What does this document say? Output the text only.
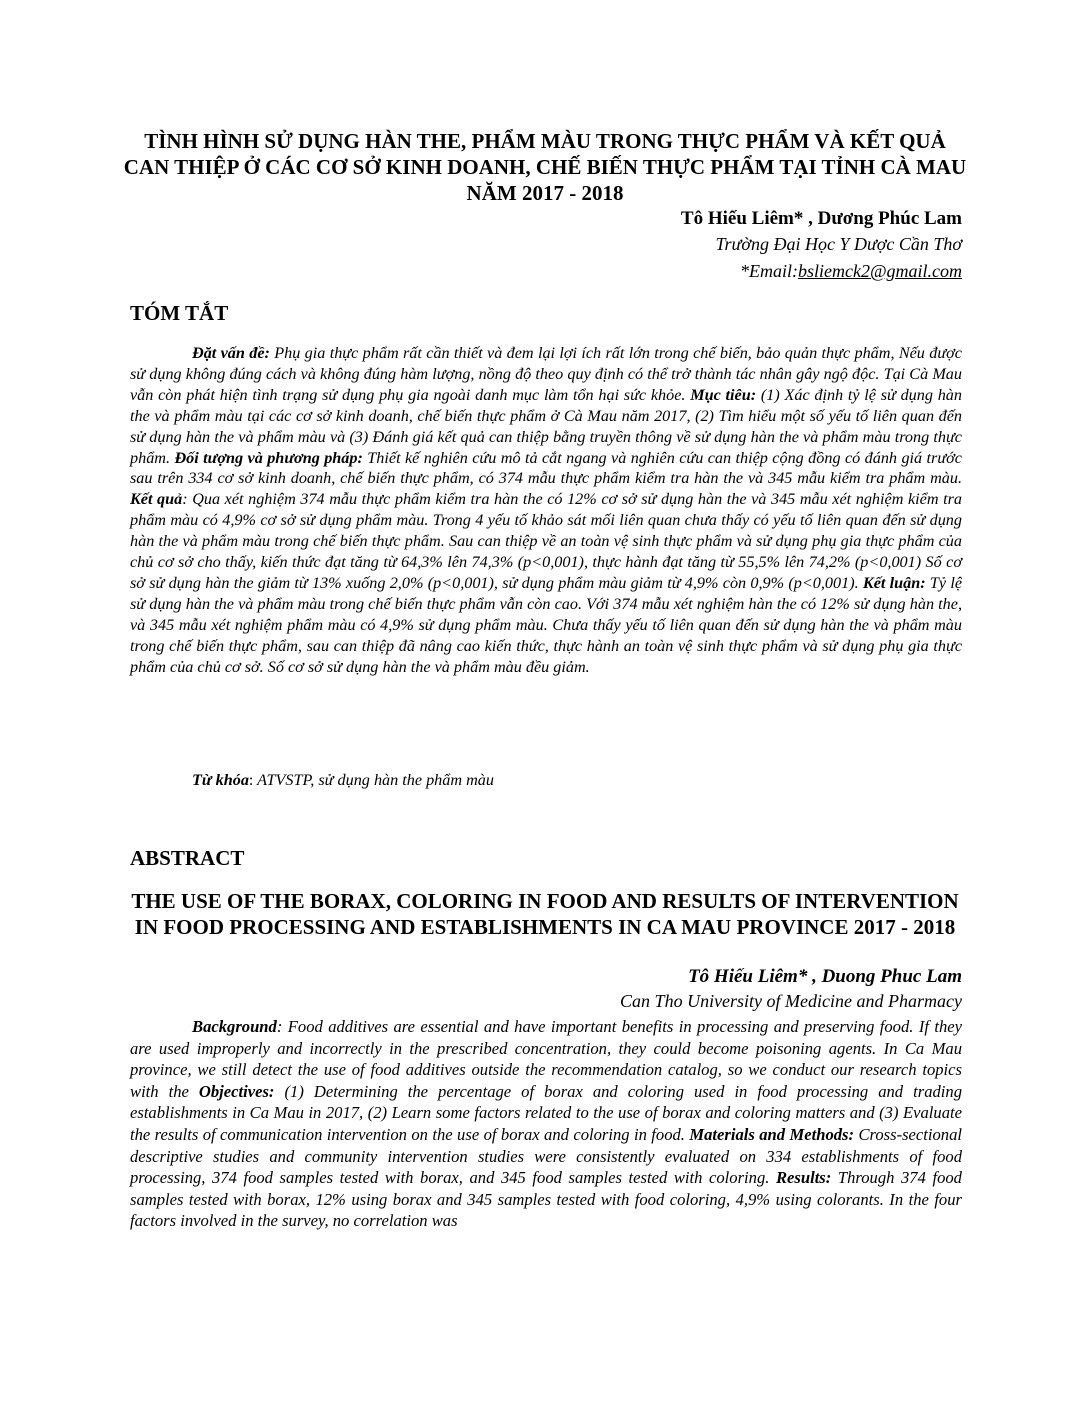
TÌNH HÌNH SỬ DỤNG HÀN THE, PHẨM MÀU TRONG THỰC PHẨM VÀ KẾT QUẢ CAN THIỆP Ở CÁC CƠ SỞ KINH DOANH, CHẾ BIẾN THỰC PHẨM TẠI TỈNH CÀ MAU NĂM 2017 - 2018

Tô Hiếu Liêm* , Dương Phúc Lam

Trường Đại Học Y Dược Cần Thơ

*Email:bsliemck2@gmail.com

TÓM TẮT

Đặt vấn đề: Phụ gia thực phẩm rất cần thiết và đem lại lợi ích rất lớn trong chế biến, bảo quản thực phẩm, Nếu được sử dụng không đúng cách và không đúng hàm lượng, nồng độ theo quy định có thể trở thành tác nhân gây ngộ độc. Tại Cà Mau vẫn còn phát hiện tình trạng sử dụng phụ gia ngoài danh mục làm tổn hại sức khỏe. Mục tiêu: (1) Xác định tỷ lệ sử dụng hàn the và phẩm màu tại các cơ sở kinh doanh, chế biến thực phẩm ở Cà Mau năm 2017, (2) Tìm hiểu một số yếu tố liên quan đến sử dụng hàn the và phẩm màu và (3) Đánh giá kết quả can thiệp bằng truyền thông về sử dụng hàn the và phẩm màu trong thực phẩm. Đối tượng và phương pháp: Thiết kế nghiên cứu mô tả cắt ngang và nghiên cứu can thiệp cộng đồng có đánh giá trước sau trên 334 cơ sở kinh doanh, chế biến thực phẩm, có 374 mẫu thực phẩm kiểm tra hàn the và 345 mẫu kiểm tra phẩm màu. Kết quả: Qua xét nghiệm 374 mẫu thực phẩm kiểm tra hàn the có 12% cơ sở sử dụng hàn the và 345 mẫu xét nghiệm kiểm tra phẩm màu có 4,9% cơ sở sử dụng phẩm màu. Trong 4 yếu tố khảo sát mối liên quan chưa thấy có yếu tố liên quan đến sử dụng hàn the và phẩm màu trong chế biến thực phẩm. Sau can thiệp về an toàn vệ sinh thực phẩm và sử dụng phụ gia thực phẩm của chủ cơ sở cho thấy, kiến thức đạt tăng từ 64,3% lên 74,3% (p<0,001), thực hành đạt tăng từ 55,5% lên 74,2% (p<0,001) Số cơ sở sử dụng hàn the giảm từ 13% xuống 2,0% (p<0,001), sử dụng phẩm màu giảm từ 4,9% còn 0,9% (p<0,001). Kết luận: Tỷ lệ sử dụng hàn the và phẩm màu trong chế biến thực phẩm vẫn còn cao. Với 374 mẫu xét nghiệm hàn the có 12% sử dụng hàn the, và 345 mẫu xét nghiệm phẩm màu có 4,9% sử dụng phẩm màu. Chưa thấy yếu tố liên quan đến sử dụng hàn the và phẩm màu trong chế biến thực phẩm, sau can thiệp đã nâng cao kiến thức, thực hành an toàn vệ sinh thực phẩm và sử dụng phụ gia thực phẩm của chủ cơ sở. Số cơ sở sử dụng hàn the và phẩm màu đều giảm.

Từ khóa: ATVSTP, sử dụng hàn the phẩm màu

ABSTRACT
THE USE OF THE BORAX, COLORING IN FOOD AND RESULTS OF INTERVENTION IN FOOD PROCESSING AND ESTABLISHMENTS IN CA MAU PROVINCE 2017 - 2018

Tô Hiếu Liêm* , Duong Phuc Lam

Can Tho University of Medicine and Pharmacy

Background: Food additives are essential and have important benefits in processing and preserving food. If they are used improperly and incorrectly in the prescribed concentration, they could become poisoning agents. In Ca Mau province, we still detect the use of food additives outside the recommendation catalog, so we conduct our research topics with the Objectives: (1) Determining the percentage of borax and coloring used in food processing and trading establishments in Ca Mau in 2017, (2) Learn some factors related to the use of borax and coloring matters and (3) Evaluate the results of communication intervention on the use of borax and coloring in food. Materials and Methods: Cross-sectional descriptive studies and community intervention studies were consistently evaluated on 334 establishments of food processing, 374 food samples tested with borax, and 345 food samples tested with coloring. Results: Through 374 food samples tested with borax, 12% using borax and 345 samples tested with food coloring, 4,9% using colorants. In the four factors involved in the survey, no correlation was
